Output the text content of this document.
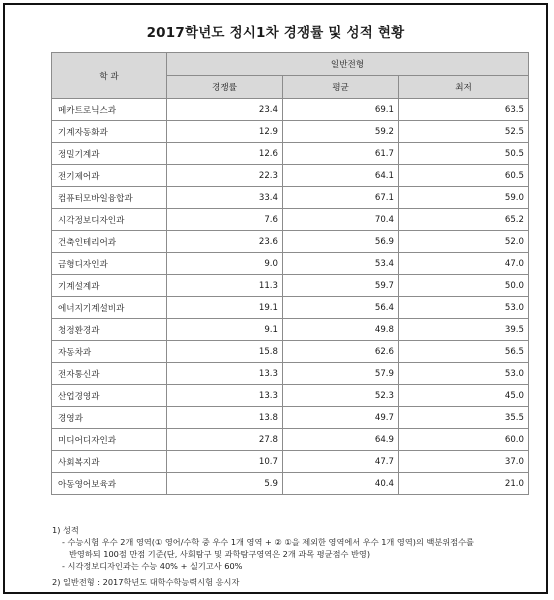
2017학년도 정시1차 경쟁률 및 성적 현황
학 과	일반전형		
	경쟁률	평균	최저
메카트로닉스과	23.4	69.1	63.5
기계자동화과	12.9	59.2	52.5
정밀기계과	12.6	61.7	50.5
전기제어과	22.3	64.1	60.5
컴퓨터모바일융합과	33.4	67.1	59.0
시각정보디자인과	7.6	70.4	65.2
건축인테리어과	23.6	56.9	52.0
금형디자인과	9.0	53.4	47.0
기계설계과	11.3	59.7	50.0
에너지기계설비과	19.1	56.4	53.0
청정환경과	9.1	49.8	39.5
자동차과	15.8	62.6	56.5
전자통신과	13.3	57.9	53.0
산업경영과	13.3	52.3	45.0
경영과	13.8	49.7	35.5
미디어디자인과	27.8	64.9	60.0
사회복지과	10.7	47.7	37.0
아동영어보육과	5.9	40.4	21.0
1) 성적
- 수능시험 우수 2개 영역(① 영어/수학 중 우수 1개 영역 + ② ①을 제외한 영역에서 우수 1개 영역)의 백분위점수를
반영하되 100점 만점 기준(단, 사회탐구 및 과학탐구영역은 2개 과목 평균점수 반영)
- 시각정보디자인과는 수능 40% + 실기고사 60%
2) 일반전형 : 2017학년도 대학수학능력시험 응시자
